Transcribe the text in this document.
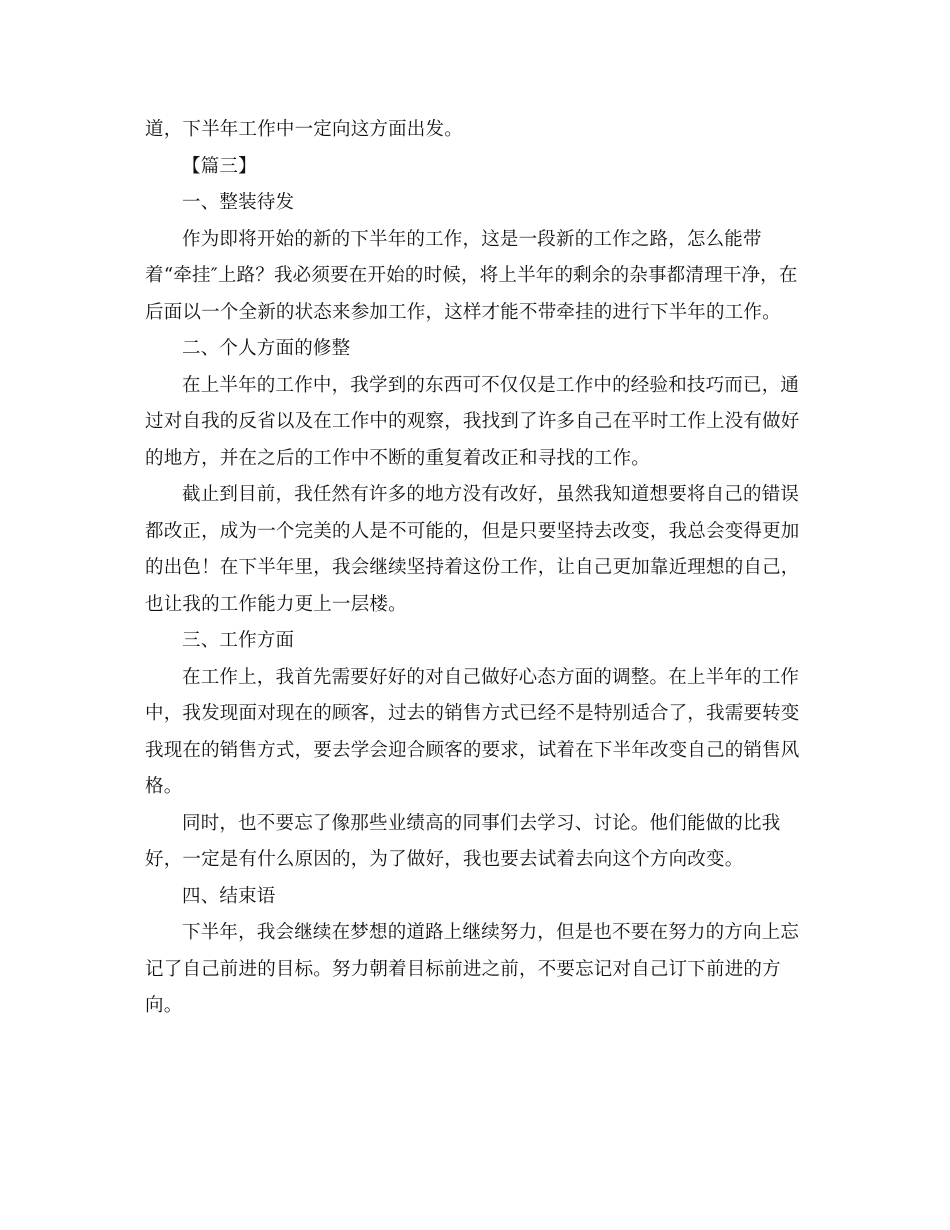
道，下半年工作中一定向这方面出发。

【篇三】

一、整装待发

作为即将开始的新的下半年的工作，这是一段新的工作之路，怎么能带着“牵挂″上路？我必须要在开始的时候，将上半年的剩余的杂事都清理干净，在后面以一个全新的状态来参加工作，这样才能不带牵挂的进行下半年的工作。

二、个人方面的修整

在上半年的工作中，我学到的东西可不仅仅是工作中的经验和技巧而已，通过对自我的反省以及在工作中的观察，我找到了许多自己在平时工作上没有做好的地方，并在之后的工作中不断的重复着改正和寻找的工作。

截止到目前，我任然有许多的地方没有改好，虽然我知道想要将自己的错误都改正，成为一个完美的人是不可能的，但是只要坚持去改变，我总会变得更加的出色！在下半年里，我会继续坚持着这份工作，让自己更加靠近理想的自己，也让我的工作能力更上一层楼。

三、工作方面

在工作上，我首先需要好好的对自己做好心态方面的调整。在上半年的工作中，我发现面对现在的顾客，过去的销售方式已经不是特别适合了，我需要转变我现在的销售方式，要去学会迎合顾客的要求，试着在下半年改变自己的销售风格。

同时，也不要忘了像那些业绩高的同事们去学习、讨论。他们能做的比我好，一定是有什么原因的，为了做好，我也要去试着去向这个方向改变。

四、结束语

下半年，我会继续在梦想的道路上继续努力，但是也不要在努力的方向上忘记了自己前进的目标。努力朝着目标前进之前，不要忘记对自己订下前进的方向。
